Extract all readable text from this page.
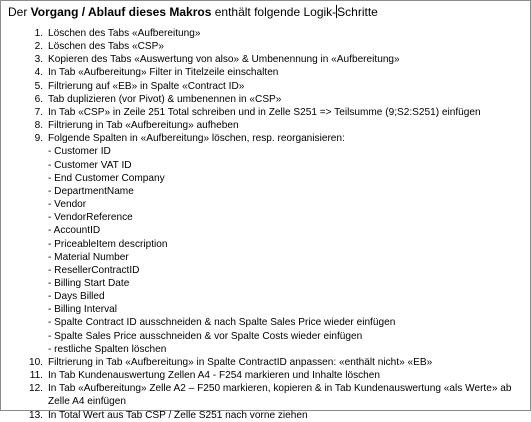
Der Vorgang / Ablauf dieses Makros enthält folgende Logik-Schritte
1. Löschen des Tabs «Aufbereitung»
2. Löschen des Tabs «CSP»
3. Kopieren des Tabs «Auswertung von also» & Umbenennung in «Aufbereitung»
4. In Tab «Aufbereitung» Filter in Titelzeile einschalten
5. Filtrierung auf «EB» in Spalte «Contract ID»
6. Tab duplizieren (vor Pivot) & umbenennen in «CSP»
7. In Tab «CSP» in Zeile 251 Total schreiben und in Zelle S251 => Teilsumme (9;S2:S251) einfügen
8. Filtrierung in Tab «Aufbereitung» aufheben
9. Folgende Spalten in «Aufbereitung» löschen, resp. reorganisieren:
- Customer ID
- Customer VAT ID
- End Customer Company
- DepartmentName
- Vendor
- VendorReference
- AccountID
- PriceableItem description
- Material Number
- ResellerContractID
- Billing Start Date
- Days Billed
- Billing Interval
- Spalte Contract ID ausschneiden & nach Spalte Sales Price wieder einfügen
- Spalte Sales Price ausschneiden & vor Spalte Costs wieder einfügen
- restliche Spalten löschen
10. Filtrierung in Tab «Aufbereitung» in Spalte ContractID anpassen: «enthält nicht» «EB»
11. In Tab Kundenauswertung Zellen A4 - F254 markieren und Inhalte löschen
12. In Tab «Aufbereitung» Zelle A2 – F250 markieren, kopieren & in Tab Kundenauswertung «als Werte» ab Zelle A4 einfügen
13. In Total Wert aus Tab CSP / Zelle S251 nach vorne ziehen
